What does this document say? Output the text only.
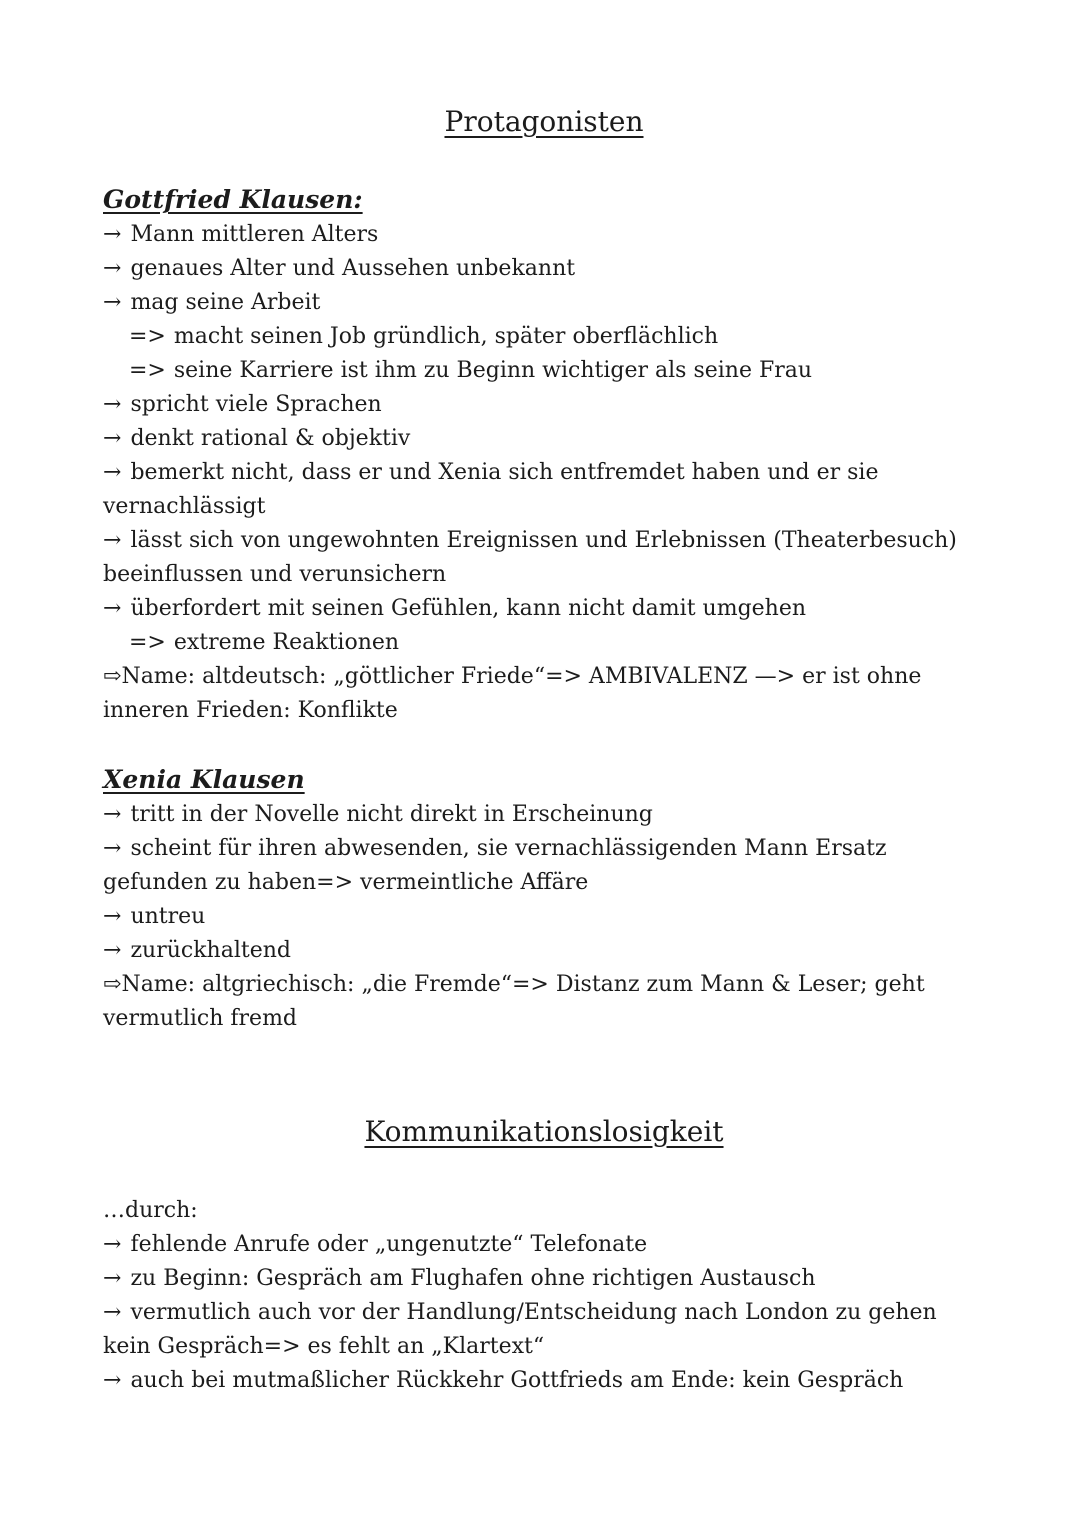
Protagonisten
Gottfried Klausen:

→ Mann mittleren Alters

→ genaues Alter und Aussehen unbekannt

→ mag seine Arbeit

=> macht seinen Job gründlich, später oberflächlich

=> seine Karriere ist ihm zu Beginn wichtiger als seine Frau

→ spricht viele Sprachen

→ denkt rational & objektiv

→ bemerkt nicht, dass er und Xenia sich entfremdet haben und er sie vernachlässigt

→ lässt sich von ungewohnten Ereignissen und Erlebnissen (Theaterbesuch) beeinflussen und verunsichern

→ überfordert mit seinen Gefühlen, kann nicht damit umgehen

=> extreme Reaktionen

⇨Name: altdeutsch: „göttlicher Friede“=> AMBIVALENZ —> er ist ohne inneren Frieden: Konflikte

Xenia Klausen

→ tritt in der Novelle nicht direkt in Erscheinung

→ scheint für ihren abwesenden, sie vernachlässigenden Mann Ersatz gefunden zu haben=> vermeintliche Affäre

→ untreu

→ zurückhaltend

⇨Name: altgriechisch: „die Fremde“=> Distanz zum Mann & Leser; geht vermutlich fremd

Kommunikationslosigkeit

…durch:

→ fehlende Anrufe oder „ungenutzte“ Telefonate

→ zu Beginn: Gespräch am Flughafen ohne richtigen Austausch

→ vermutlich auch vor der Handlung/Entscheidung nach London zu gehen kein Gespräch=> es fehlt an „Klartext“

→ auch bei mutmaßlicher Rückkehr Gottfrieds am Ende: kein Gespräch
